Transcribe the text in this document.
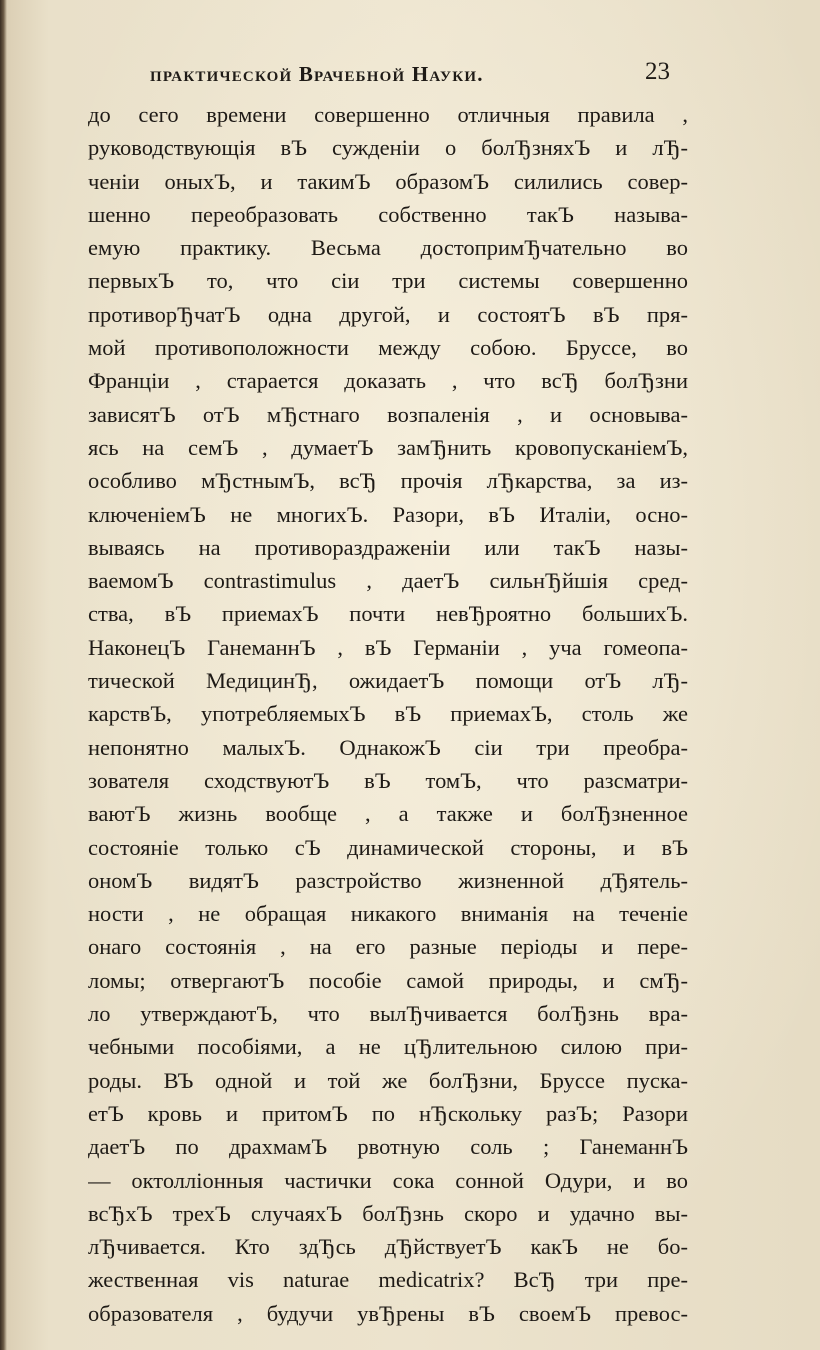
практической Врачебной Науки.	23
до сего времени совершенно отличныя правила ,
руководствующія вЪ сужденіи о болЂзняхЪ и лЂ-
ченіи оныхЪ, и такимЪ образомЪ силились совер-
шенно переобразовать собственно такЪ называ-
емую практику. Весьма достопримЂчательно во
первыхЪ то, что сіи три системы совершенно
противорЂчатЪ одна другой, и состоятЪ вЪ пря-
мой противоположности между собою. Бруссе, во
Франціи , старается доказать , что всЂ болЂзни
зависятЪ отЪ мЂстнаго возпаленія , и основыва-
ясь на семЪ , думаетЪ замЂнить кровопусканіемЪ,
особливо мЂстнымЪ, всЂ прочія лЂкарства, за из-
ключеніемЪ не многихЪ. Разори, вЪ Италіи, осно-
вываясь на противораздраженіи или такЪ назы-
ваемомЪ contrastimulus , даетЪ сильнЂйшія сред-
ства, вЪ приемахЪ почти невЂроятно большихЪ.
НаконецЪ ГанеманнЪ , вЪ Германіи , уча гомеопа-
тической МедицинЂ, ожидаетЪ помощи отЪ лЂ-
карствЪ, употребляемыхЪ вЪ приемахЪ, столь же
непонятно малыхЪ. ОднакожЪ сіи три преобра-
зователя сходствуютЪ вЪ томЪ, что разсматри-
ваютЪ жизнь вообще , а также и болЂзненное
состояніе только сЪ динамической стороны, и вЪ
ономЪ видятЪ разстройство жизненной дЂятель-
ности , не обращая никакого вниманія на теченіе
онаго состоянія , на его разные періоды и пере-
ломы; отвергаютЪ пособіе самой природы, и смЂ-
ло утверждаютЪ, что вылЂчивается болЂзнь вра-
чебными пособіями, а не цЂлительною силою при-
роды. ВЪ одной и той же болЂзни, Бруссе пуска-
етЪ кровь и притомЪ по нЂскольку разЪ; Разори
даетЪ по драхмамЪ рвотную соль ; ГанеманнЪ
— октоллiонныя частички сока сонной Одури, и во
всЂхЪ трехЪ случаяхЪ болЂзнь скоро и удачно вы-
лЂчивается. Кто здЂсь дЂйствуетЪ какЪ не бо-
жественная vis naturae medicatrix? ВсЂ три пре-
образователя , будучи увЂрены вЪ своемЪ превос-
